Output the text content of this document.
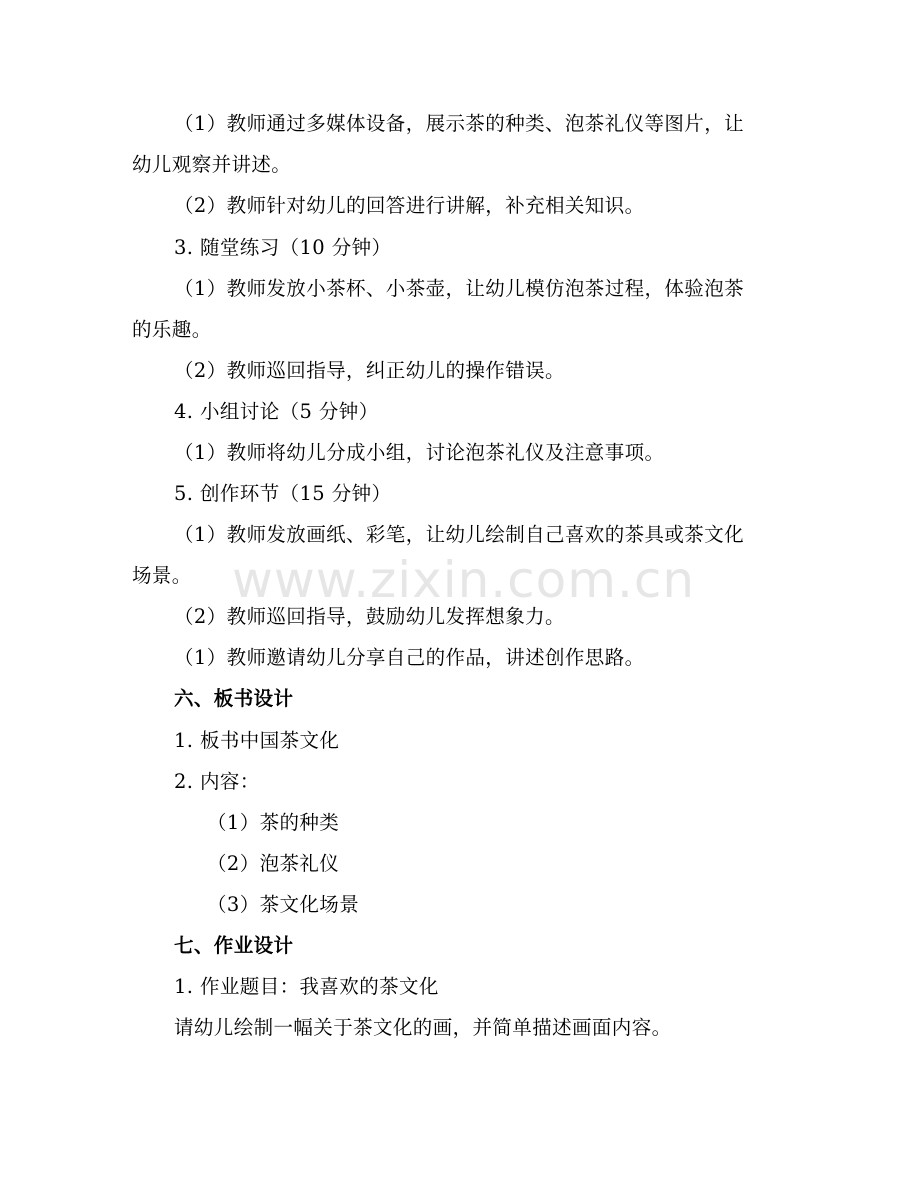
www.zixin.com.cn
（1）教师通过多媒体设备，展示茶的种类、泡茶礼仪等图片，让
幼儿观察并讲述。
（2）教师针对幼儿的回答进行讲解，补充相关知识。
3. 随堂练习（10 分钟）
（1）教师发放小茶杯、小茶壶，让幼儿模仿泡茶过程，体验泡茶
的乐趣。
（2）教师巡回指导，纠正幼儿的操作错误。
4. 小组讨论（5 分钟）
（1）教师将幼儿分成小组，讨论泡茶礼仪及注意事项。
5. 创作环节（15 分钟）
（1）教师发放画纸、彩笔，让幼儿绘制自己喜欢的茶具或茶文化
场景。
（2）教师巡回指导，鼓励幼儿发挥想象力。
（1）教师邀请幼儿分享自己的作品，讲述创作思路。
六、板书设计
1. 板书中国茶文化
2. 内容：
（1）茶的种类
（2）泡茶礼仪
（3）茶文化场景
七、作业设计
1. 作业题目：我喜欢的茶文化
请幼儿绘制一幅关于茶文化的画，并简单描述画面内容。
